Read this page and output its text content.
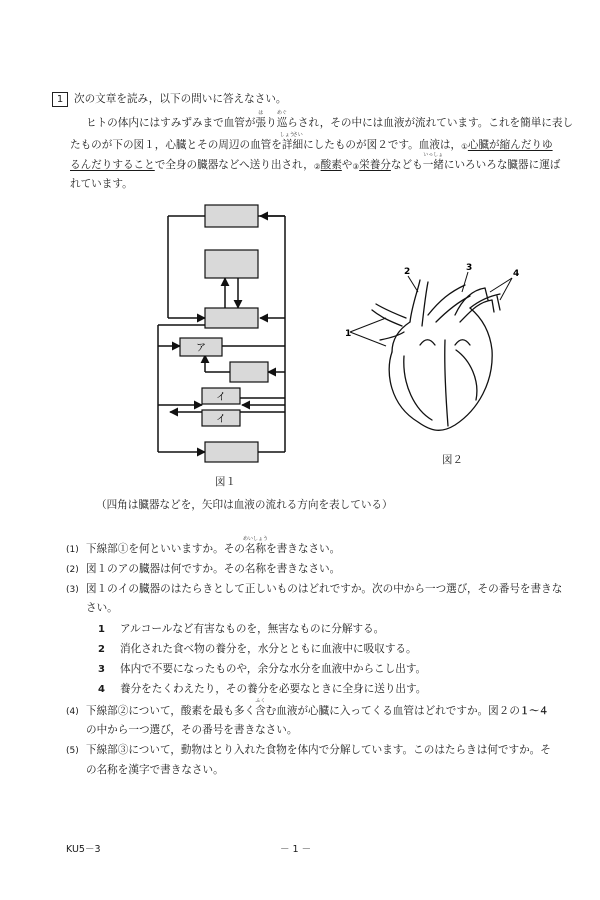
1	次の文章を読み，以下の問いに答えなさい。
ヒトの体内にはすみずみまで血管が張
は
り巡
めぐ
らされ，その中には血液が流れています。これを簡単に表し
たものが下の図１，心臓とその周辺の血管を詳
しょう
細
さい
にしたものが図２です。血液は，①心臓が縮んだりゆ
るんだりすることで全身の臓器などへ送り出され，②酸素や③栄養分なども一緒
いっしょ
にいろいろな臓器に運ば
れています。
ア
イ
イ
図１
（四角は臓器などを，矢印は血液の流れる方向を表している）
1
2	3
4
図２
(1) 下線部①を何といいますか。その名称
めいしょう
を書きなさい。
(2) 図１のアの臓器は何ですか。その名称を書きなさい。
(3) 図１のイの臓器のはたらきとして正しいものはどれですか。次の中から一つ選び，その番号を書きな
さい。
1 アルコールなど有害なものを，無害なものに分解する。
2 消化された食べ物の養分を，水分とともに血液中に吸収する。
3 体内で不要になったものや，余分な水分を血液中からこし出す。
4 養分をたくわえたり，その養分を必要なときに全身に送り出す。
(4) 下線部②について，酸素を最も多く含
ふく
む血液が心臓に入ってくる血管はどれですか。図２の１～４
の中から一つ選び，その番号を書きなさい。
(5) 下線部③について，動物はとり入れた食物を体内で分解しています。このはたらきは何ですか。そ
の名称を漢字で書きなさい。
KU5－3	－ 1 －
